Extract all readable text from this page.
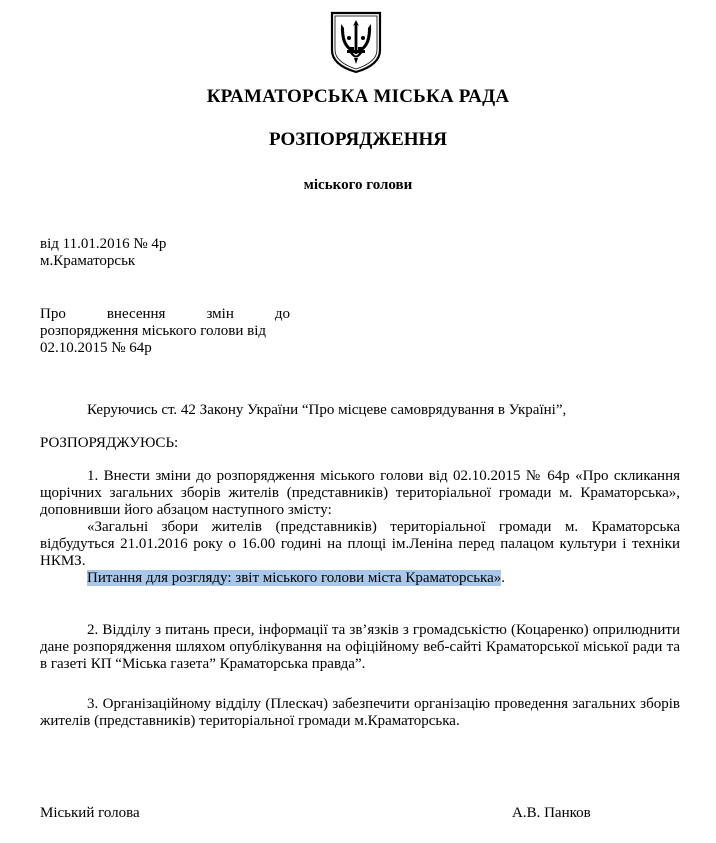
КРАМАТОРСЬКА МІСЬКА РАДА
РОЗПОРЯДЖЕННЯ
міського голови
від 11.01.2016 № 4р
м.Краматорськ
Про внесення змін до
розпорядження міського голови від
02.10.2015 № 64р
Керуючись ст. 42 Закону України “Про місцеве самоврядування в Україні”,
РОЗПОРЯДЖУЮСЬ:
1. Внести зміни до розпорядження міського голови від 02.10.2015 № 64р «Про скликання щорічних загальних зборів жителів (представників) територіальної громади м. Краматорська», доповнивши його абзацом наступного змісту:
«Загальні збори жителів (представників) територіальної громади м. Краматорська відбудуться 21.01.2016 року о 16.00 годині на площі ім.Леніна перед палацом культури і техніки НКМЗ.
Питання для розгляду: звіт міського голови міста Краматорська».
2. Відділу з питань преси, інформації та зв’язків з громадськістю (Коцаренко) оприлюднити дане розпорядження шляхом опублікування на офіційному веб-сайті Краматорської міської ради та в газеті КП “Міська газета” Краматорська правда”.
3. Організаційному відділу (Плескач) забезпечити організацію проведення загальних зборів жителів (представників) територіальної громади м.Краматорська.
Міський голова	А.В. Панков
